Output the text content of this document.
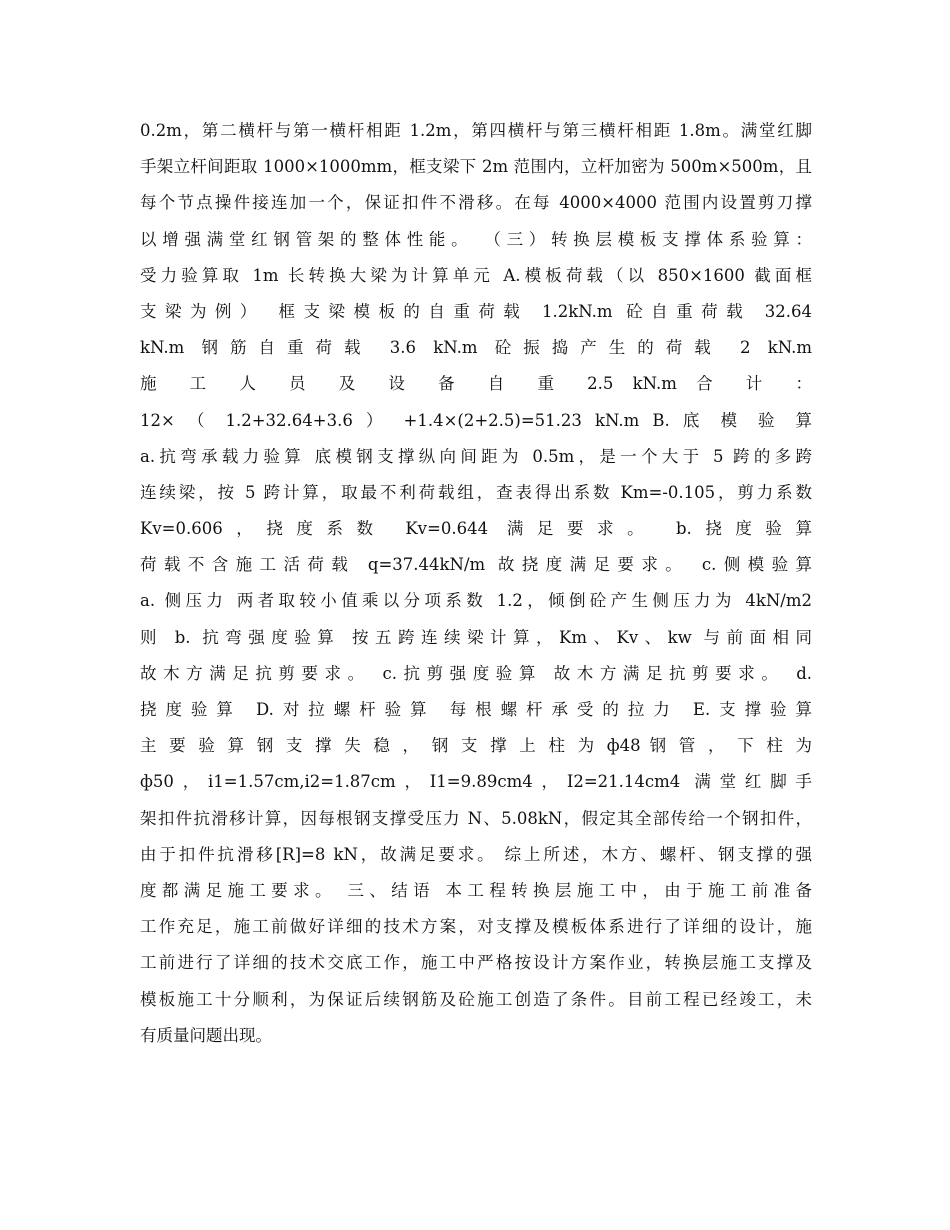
0.2m，第二横杆与第一横杆相距 1.2m，第四横杆与第三横杆相距 1.8m。满堂红脚
手架立杆间距取 1000×1000mm，框支梁下 2m 范围内，立杆加密为 500m×500m，且
每个节点操件接连加一个，保证扣件不滑移。在每 4000×4000 范围内设置剪刀撑
以增强满堂红钢管架的整体性能。 （三）转换层模板支撑体系验算：
受力验算取 1m 长转换大梁为计算单元 A.模板荷载（以 850×1600 截面框
支梁为例） 框支梁模板的自重荷载 1.2kN.m 砼自重荷载 32.64
kN.m 钢筋自重荷载 3.6 kN.m 砼振捣产生的荷载 2 kN.m
施 工 人 员 及 设 备 自 重 2.5 kN.m 合 计 ：
12× （ 1.2+32.64+3.6 ） +1.4×(2+2.5)=51.23 kN.m B. 底 模 验 算
a.抗弯承载力验算 底模钢支撑纵向间距为 0.5m，是一个大于 5 跨的多跨
连续梁，按 5 跨计算，取最不利荷载组，查表得出系数 Km=-0.105，剪力系数
Kv=0.606，挠度系数 Kv=0.644 满足要求。 b.挠度验算
荷载不含施工活荷载 q=37.44kN/m 故挠度满足要求。 c.侧模验算
a. 侧压力 两者取较小值乘以分项系数 1.2，倾倒砼产生侧压力为 4kN/m2
则 b. 抗弯强度验算 按五跨连续梁计算，Km、Kv、kw 与前面相同
故木方满足抗剪要求。 c.抗剪强度验算 故木方满足抗剪要求。 d.
挠度验算 D.对拉螺杆验算 每根螺杆承受的拉力 E.支撑验算
主 要 验 算 钢 支 撑 失 稳 ， 钢 支 撑 上 柱 为 ф48 钢 管 ， 下 柱 为
ф50，i1=1.57cm,i2=1.87cm，I1=9.89cm4，I2=21.14cm4 满堂红脚手
架扣件抗滑移计算，因每根钢支撑受压力 N、5.08kN，假定其全部传给一个钢扣件，
由于扣件抗滑移[R]=8 kN，故满足要求。 综上所述，木方、螺杆、钢支撑的强
度都满足施工要求。 三、结语 本工程转换层施工中，由于施工前准备
工作充足，施工前做好详细的技术方案，对支撑及模板体系进行了详细的设计，施
工前进行了详细的技术交底工作，施工中严格按设计方案作业，转换层施工支撑及
模板施工十分顺利，为保证后续钢筋及砼施工创造了条件。目前工程已经竣工，未
有质量问题出现。
